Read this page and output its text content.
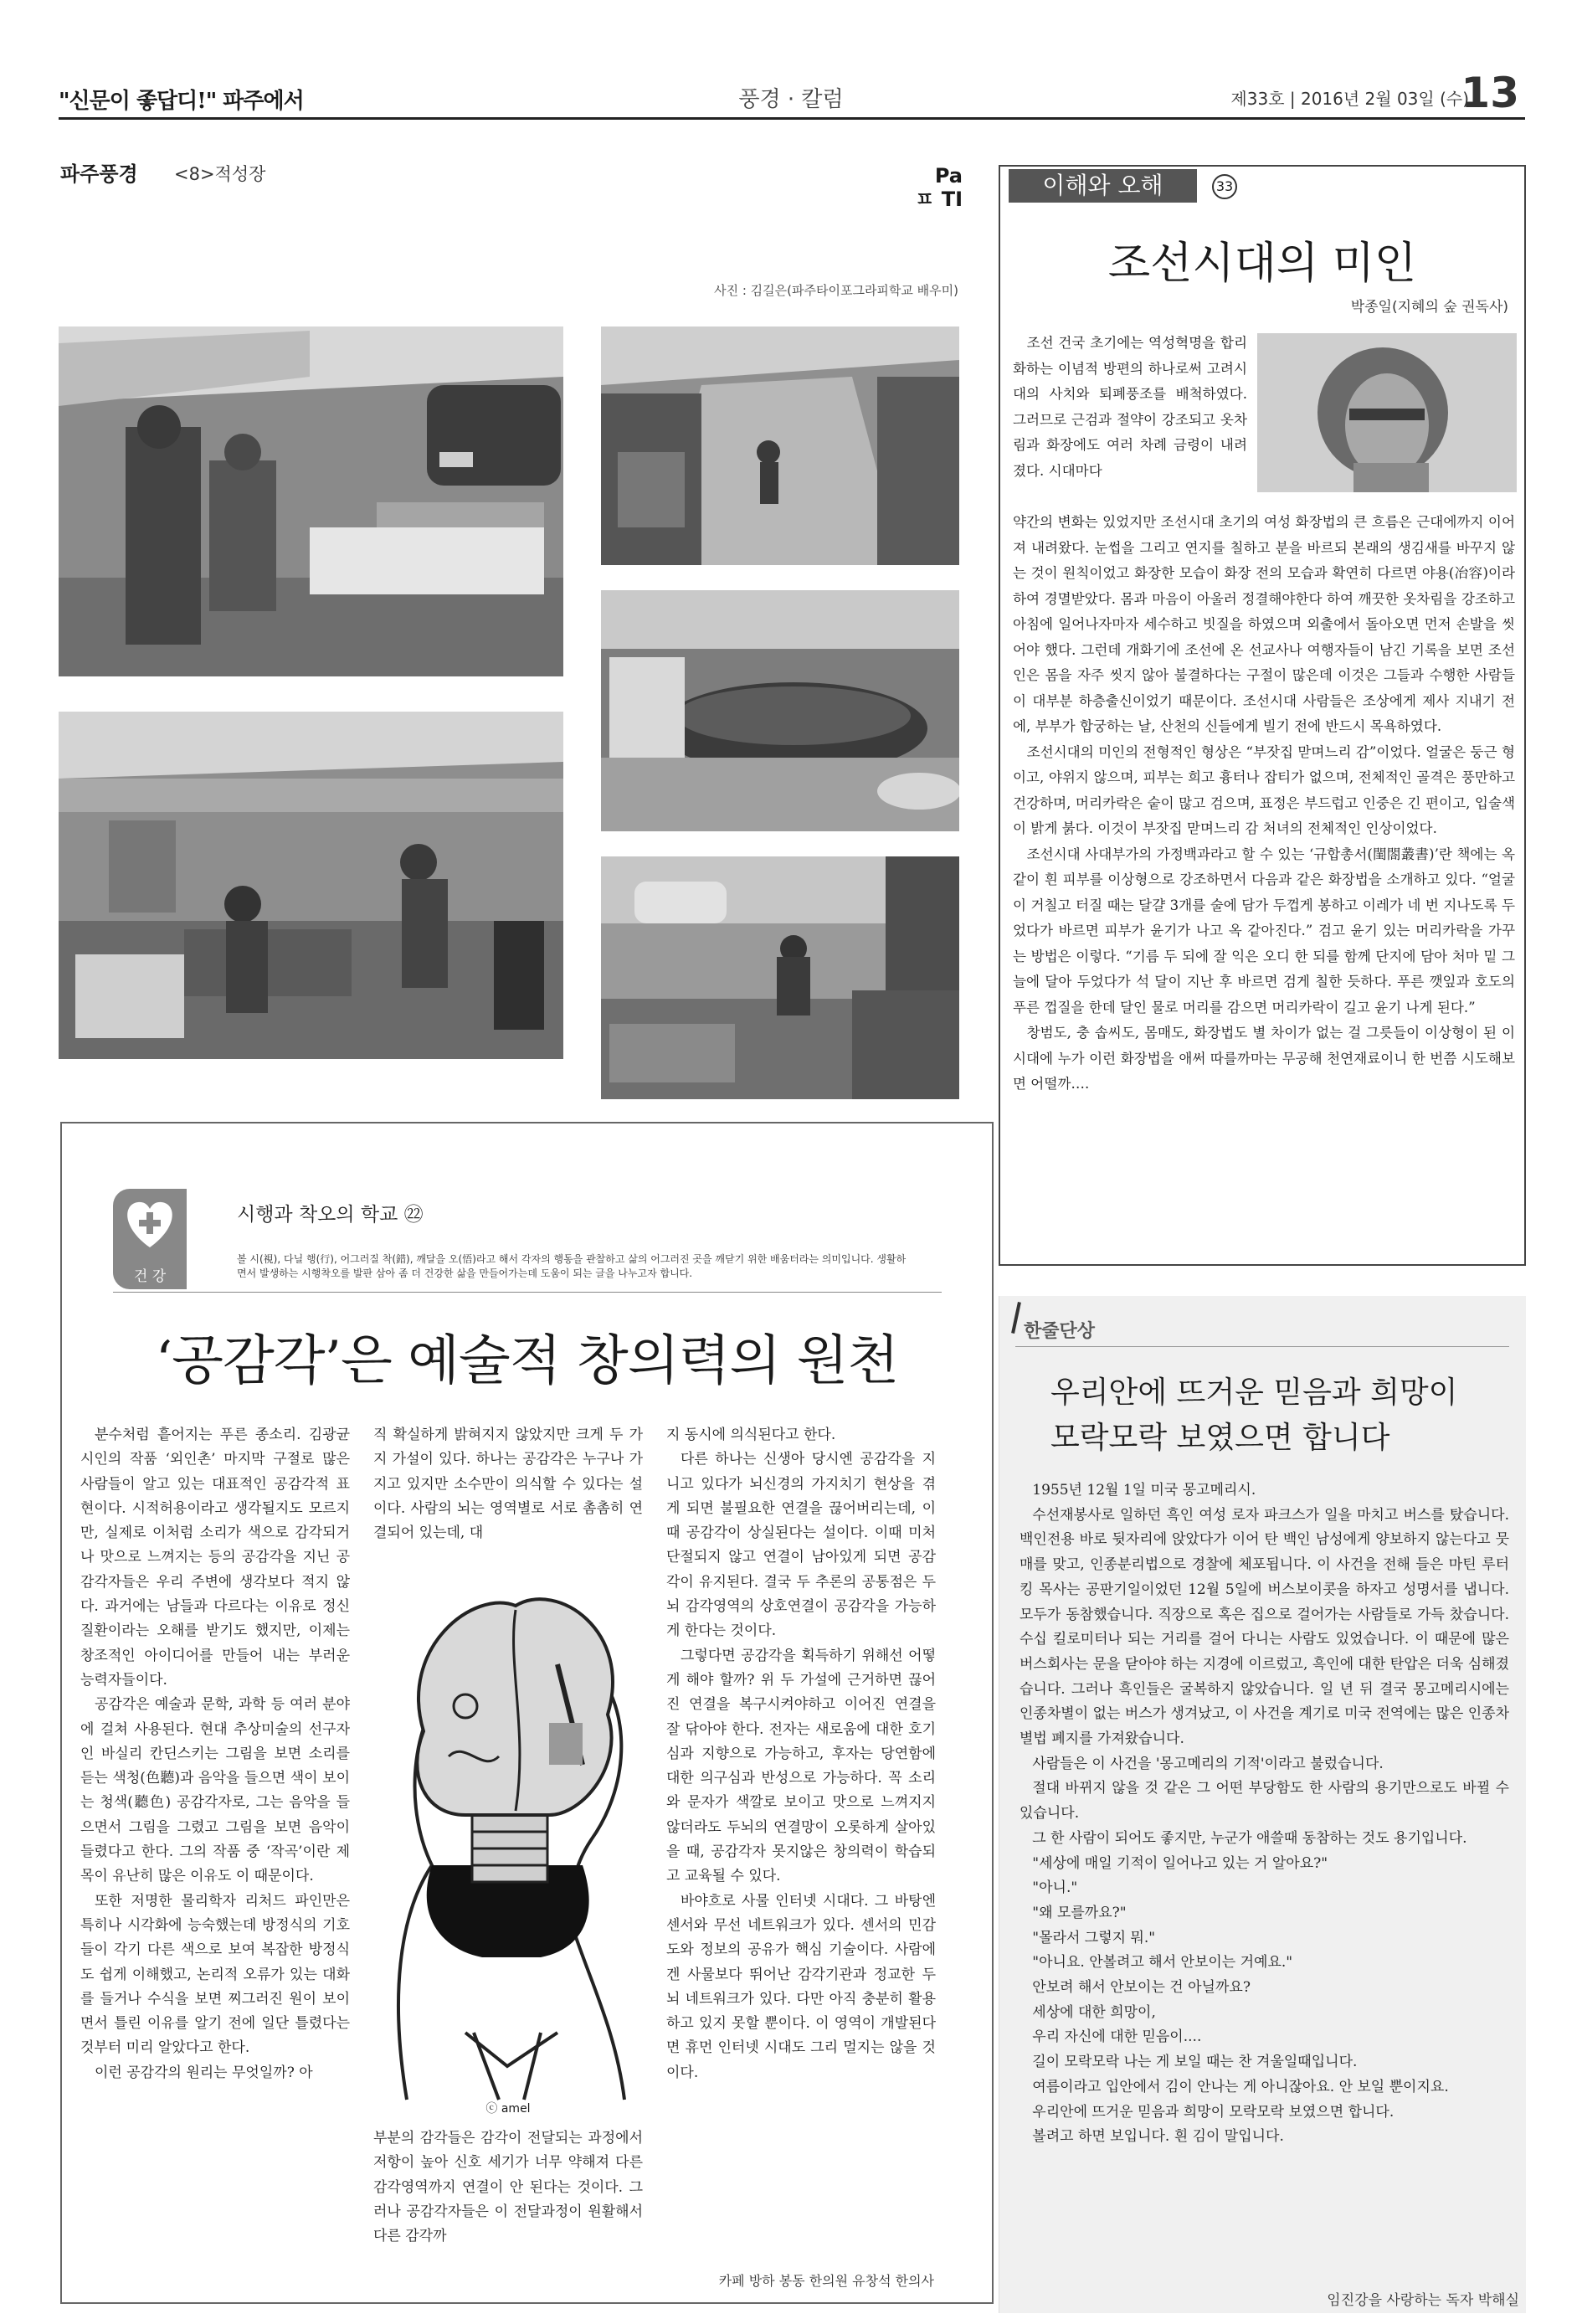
"신문이 좋답디!" 파주에서	풍경 · 칼럼	제33호 | 2016년 2월 03일 (수)
13
파주풍경 <8>적성장	Pa
ㅍ TI
사진 : 김길은(파주타이포그라피학교 배우미)
이해와 오해	33
조선시대의 미인
박종일(지혜의 숲 권독사)

조선 건국 초기에는 역성혁명을 합리화하는 이념적 방편의 하나로써 고려시대의 사치와 퇴폐풍조를 배척하였다. 그러므로 근검과 절약이 강조되고 옷차림과 화장에도 여러 차례 금령이 내려졌다. 시대마다

약간의 변화는 있었지만 조선시대 초기의 여성 화장법의 큰 흐름은 근대에까지 이어져 내려왔다. 눈썹을 그리고 연지를 칠하고 분을 바르되 본래의 생김새를 바꾸지 않는 것이 원칙이었고 화장한 모습이 화장 전의 모습과 확연히 다르면 야용(冶容)이라 하여 경멸받았다. 몸과 마음이 아울러 정결해야한다 하여 깨끗한 옷차림을 강조하고 아침에 일어나자마자 세수하고 빗질을 하였으며 외출에서 돌아오면 먼저 손발을 씻어야 했다. 그런데 개화기에 조선에 온 선교사나 여행자들이 남긴 기록을 보면 조선인은 몸을 자주 씻지 않아 불결하다는 구절이 많은데 이것은 그들과 수행한 사람들이 대부분 하층출신이었기 때문이다. 조선시대 사람들은 조상에게 제사 지내기 전에, 부부가 합궁하는 날, 산천의 신들에게 빌기 전에 반드시 목욕하였다.

조선시대의 미인의 전형적인 형상은 “부잣집 맏며느리 감”이었다. 얼굴은 둥근 형이고, 야위지 않으며, 피부는 희고 흉터나 잡티가 없으며, 전체적인 골격은 풍만하고 건강하며, 머리카락은 숱이 많고 검으며, 표정은 부드럽고 인중은 긴 편이고, 입술색이 밝게 붉다. 이것이 부잣집 맏며느리 감 처녀의 전체적인 인상이었다.

조선시대 사대부가의 가정백과라고 할 수 있는 ‘규합총서(閨閤叢書)’란 책에는 옥같이 흰 피부를 이상형으로 강조하면서 다음과 같은 화장법을 소개하고 있다. “얼굴이 거칠고 터질 때는 달걀 3개를 술에 담가 두껍게 봉하고 이레가 네 번 지나도록 두었다가 바르면 피부가 윤기가 나고 옥 같아진다.” 검고 윤기 있는 머리카락을 가꾸는 방법은 이렇다. “기름 두 되에 잘 익은 오디 한 되를 함께 단지에 담아 처마 밑 그늘에 달아 두었다가 석 달이 지난 후 바르면 검게 칠한 듯하다. 푸른 깻잎과 호도의 푸른 껍질을 한데 달인 물로 머리를 감으면 머리카락이 길고 윤기 나게 된다.”

창범도, 충 솝씨도, 몸매도, 화장법도 별 차이가 없는 걸 그릇들이 이상형이 된 이 시대에 누가 이런 화장법을 애써 따를까마는 무공해 천연재료이니 한 번쯤 시도해보면 어떨까….

건 강
시행과 착오의 학교 ㉒
볼 시(視), 다닐 행(行), 어그러질 착(錯), 깨달을 오(悟)라고 해서 각자의 행동을 관찰하고 삶의 어그러진 곳을 깨닫기 위한 배움터라는 의미입니다. 생활하면서 발생하는 시행착오를 발판 삼아 좀 더 건강한 삶을 만들어가는데 도움이 되는 글을 나누고자 합니다.
‘공감각’은 예술적 창의력의 원천

분수처럼 흩어지는 푸른 종소리. 김광균 시인의 작품 ‘외인촌’ 마지막 구절로 많은 사람들이 알고 있는 대표적인 공감각적 표현이다. 시적허용이라고 생각될지도 모르지만, 실제로 이처럼 소리가 색으로 감각되거나 맛으로 느껴지는 등의 공감각을 지닌 공감각자들은 우리 주변에 생각보다 적지 않다. 과거에는 남들과 다르다는 이유로 정신질환이라는 오해를 받기도 했지만, 이제는 창조적인 아이디어를 만들어 내는 부러운 능력자들이다.

공감각은 예술과 문학, 과학 등 여러 분야에 걸쳐 사용된다. 현대 추상미술의 선구자인 바실리 칸딘스키는 그림을 보면 소리를 듣는 색청(色聽)과 음악을 들으면 색이 보이는 청색(聽色) 공감각자로, 그는 음악을 들으면서 그림을 그렸고 그림을 보면 음악이 들렸다고 한다. 그의 작품 중 ‘작곡’이란 제목이 유난히 많은 이유도 이 때문이다.

또한 저명한 물리학자 리처드 파인만은 특히나 시각화에 능숙했는데 방정식의 기호들이 각기 다른 색으로 보여 복잡한 방정식도 쉽게 이해했고, 논리적 오류가 있는 대화를 들거나 수식을 보면 찌그러진 원이 보이면서 틀린 이유를 알기 전에 일단 틀렸다는 것부터 미리 알았다고 한다.

이런 공감각의 원리는 무엇일까? 아

직 확실하게 밝혀지지 않았지만 크게 두 가지 가설이 있다. 하나는 공감각은 누구나 가지고 있지만 소수만이 의식할 수 있다는 설이다. 사람의 뇌는 영역별로 서로 촘촘히 연결되어 있는데, 대

ⓒ amel

부분의 감각들은 감각이 전달되는 과정에서 저항이 높아 신호 세기가 너무 약해져 다른 감각영역까지 연결이 안 된다는 것이다. 그러나 공감각자들은 이 전달과정이 원활해서 다른 감각까

지 동시에 의식된다고 한다.

다른 하나는 신생아 당시엔 공감각을 지니고 있다가 뇌신경의 가지치기 현상을 겪게 되면 불필요한 연결을 끊어버리는데, 이때 공감각이 상실된다는 설이다. 이때 미처 단절되지 않고 연결이 남아있게 되면 공감각이 유지된다. 결국 두 추론의 공통점은 두뇌 감각영역의 상호연결이 공감각을 가능하게 한다는 것이다.

그렇다면 공감각을 획득하기 위해선 어떻게 해야 할까? 위 두 가설에 근거하면 끊어진 연결을 복구시켜야하고 이어진 연결을 잘 닦아야 한다. 전자는 새로움에 대한 호기심과 지향으로 가능하고, 후자는 당연함에 대한 의구심과 반성으로 가능하다. 꼭 소리와 문자가 색깔로 보이고 맛으로 느껴지지 않더라도 두뇌의 연결망이 오롯하게 살아있을 때, 공감각자 못지않은 창의력이 학습되고 교육될 수 있다.

바야흐로 사물 인터넷 시대다. 그 바탕엔 센서와 무선 네트워크가 있다. 센서의 민감도와 정보의 공유가 핵심 기술이다. 사람에겐 사물보다 뛰어난 감각기관과 정교한 두뇌 네트워크가 있다. 다만 아직 충분히 활용하고 있지 못할 뿐이다. 이 영역이 개발된다면 휴먼 인터넷 시대도 그리 멀지는 않을 것이다.

카페 방하 봉동 한의원 유창석 한의사
한줄단상
우리안에 뜨거운 믿음과 희망이
모락모락 보였으면 합니다

1955년 12월 1일 미국 몽고메리시.

수선재봉사로 일하던 흑인 여성 로자 파크스가 일을 마치고 버스를 탔습니다. 백인전용 바로 뒷자리에 앉았다가 이어 탄 백인 남성에게 양보하지 않는다고 뭇매를 맞고, 인종분리법으로 경찰에 체포됩니다. 이 사건을 전해 들은 마틴 루터 킹 목사는 공판기일이었던 12월 5일에 버스보이콧을 하자고 성명서를 냅니다. 모두가 동참했습니다. 직장으로 혹은 집으로 걸어가는 사람들로 가득 찼습니다. 수십 킬로미터나 되는 거리를 걸어 다니는 사람도 있었습니다. 이 때문에 많은 버스회사는 문을 닫아야 하는 지경에 이르렀고, 흑인에 대한 탄압은 더욱 심해졌습니다. 그러나 흑인들은 굴복하지 않았습니다. 일 년 뒤 결국 몽고메리시에는 인종차별이 없는 버스가 생겨났고, 이 사건을 계기로 미국 전역에는 많은 인종차별법 폐지를 가져왔습니다.

사람들은 이 사건을 '몽고메리의 기적'이라고 불렀습니다.

절대 바뀌지 않을 것 같은 그 어떤 부당함도 한 사람의 용기만으로도 바뀔 수 있습니다.

그 한 사람이 되어도 좋지만, 누군가 애쓸때 동참하는 것도 용기입니다.

"세상에 매일 기적이 일어나고 있는 거 알아요?"

"아니."

"왜 모를까요?"

"몰라서 그렇지 뭐."

"아니요. 안볼려고 해서 안보이는 거예요."

안보려 해서 안보이는 건 아닐까요?

세상에 대한 희망이,

우리 자신에 대한 믿음이....

길이 모락모락 나는 게 보일 때는 찬 겨울일때입니다.

여름이라고 입안에서 김이 안나는 게 아니잖아요. 안 보일 뿐이지요.

우리안에 뜨거운 믿음과 희망이 모락모락 보였으면 합니다.

볼려고 하면 보입니다. 흰 김이 말입니다.

임진강을 사랑하는 독자 박해실
